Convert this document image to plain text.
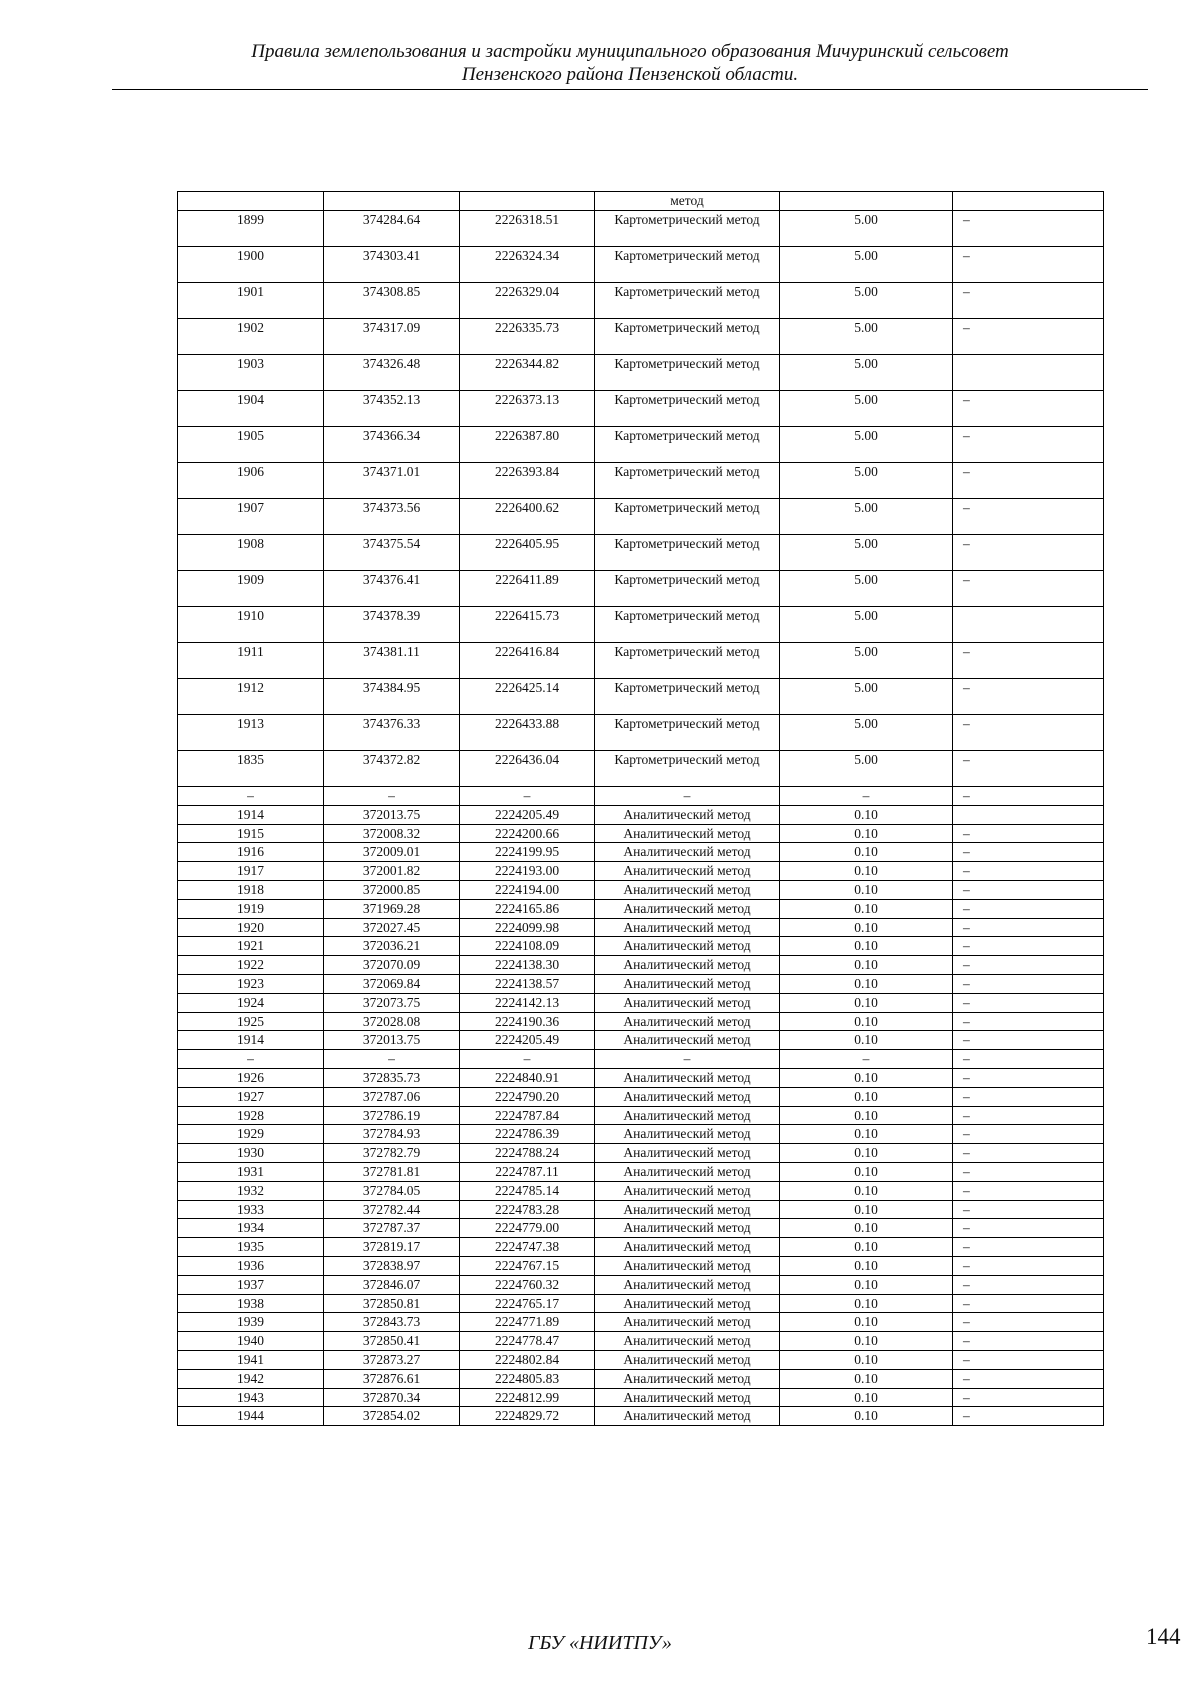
Правила землепользования и застройки муниципального образования Мичуринский сельсовет
Пензенского района Пензенской области.
			метод		
1899	374284.64	2226318.51	Картометрический метод	5.00	–
1900	374303.41	2226324.34	Картометрический метод	5.00	–
1901	374308.85	2226329.04	Картометрический метод	5.00	–
1902	374317.09	2226335.73	Картометрический метод	5.00	–
1903	374326.48	2226344.82	Картометрический метод	5.00	
1904	374352.13	2226373.13	Картометрический метод	5.00	–
1905	374366.34	2226387.80	Картометрический метод	5.00	–
1906	374371.01	2226393.84	Картометрический метод	5.00	–
1907	374373.56	2226400.62	Картометрический метод	5.00	–
1908	374375.54	2226405.95	Картометрический метод	5.00	–
1909	374376.41	2226411.89	Картометрический метод	5.00	–
1910	374378.39	2226415.73	Картометрический метод	5.00	
1911	374381.11	2226416.84	Картометрический метод	5.00	–
1912	374384.95	2226425.14	Картометрический метод	5.00	–
1913	374376.33	2226433.88	Картометрический метод	5.00	–
1835	374372.82	2226436.04	Картометрический метод	5.00	–
–	–	–	–	–	–
1914	372013.75	2224205.49	Аналитический метод	0.10	
1915	372008.32	2224200.66	Аналитический метод	0.10	–
1916	372009.01	2224199.95	Аналитический метод	0.10	–
1917	372001.82	2224193.00	Аналитический метод	0.10	–
1918	372000.85	2224194.00	Аналитический метод	0.10	–
1919	371969.28	2224165.86	Аналитический метод	0.10	–
1920	372027.45	2224099.98	Аналитический метод	0.10	–
1921	372036.21	2224108.09	Аналитический метод	0.10	–
1922	372070.09	2224138.30	Аналитический метод	0.10	–
1923	372069.84	2224138.57	Аналитический метод	0.10	–
1924	372073.75	2224142.13	Аналитический метод	0.10	–
1925	372028.08	2224190.36	Аналитический метод	0.10	–
1914	372013.75	2224205.49	Аналитический метод	0.10	–
–	–	–	–	–	–
1926	372835.73	2224840.91	Аналитический метод	0.10	–
1927	372787.06	2224790.20	Аналитический метод	0.10	–
1928	372786.19	2224787.84	Аналитический метод	0.10	–
1929	372784.93	2224786.39	Аналитический метод	0.10	–
1930	372782.79	2224788.24	Аналитический метод	0.10	–
1931	372781.81	2224787.11	Аналитический метод	0.10	–
1932	372784.05	2224785.14	Аналитический метод	0.10	–
1933	372782.44	2224783.28	Аналитический метод	0.10	–
1934	372787.37	2224779.00	Аналитический метод	0.10	–
1935	372819.17	2224747.38	Аналитический метод	0.10	–
1936	372838.97	2224767.15	Аналитический метод	0.10	–
1937	372846.07	2224760.32	Аналитический метод	0.10	–
1938	372850.81	2224765.17	Аналитический метод	0.10	–
1939	372843.73	2224771.89	Аналитический метод	0.10	–
1940	372850.41	2224778.47	Аналитический метод	0.10	–
1941	372873.27	2224802.84	Аналитический метод	0.10	–
1942	372876.61	2224805.83	Аналитический метод	0.10	–
1943	372870.34	2224812.99	Аналитический метод	0.10	–
1944	372854.02	2224829.72	Аналитический метод	0.10	–
ГБУ «НИИТПУ»	144
